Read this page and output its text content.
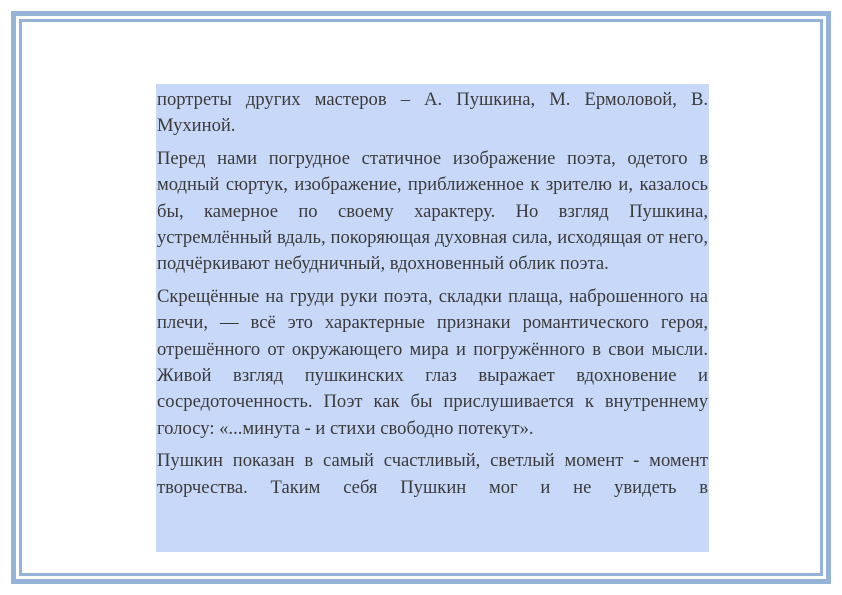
портреты других мастеров – А. Пушкина, М. Ермоловой, В. Мухиной.

Перед нами погрудное статичное изображение поэта, одетого в модный сюртук, изображение, приближенное к зрителю и, казалось бы, камерное по своему характеру. Но взгляд Пушкина, устремлённый вдаль, покоряющая духовная сила, исходящая от него, подчёркивают небудничный, вдохновенный облик поэта.

Скрещённые на груди руки поэта, складки плаща, наброшенного на плечи, — всё это характерные признаки романтического героя, отрешённого от окружающего мира и погружённого в свои мысли. Живой взгляд пушкинских глаз выражает вдохновение и сосредоточенность. Поэт как бы прислушивается к внутреннему голосу: «...минута - и стихи свободно потекут».

Пушкин показан в самый счастливый, светлый момент - момент творчества. Таким себя Пушкин мог и не увидеть в
